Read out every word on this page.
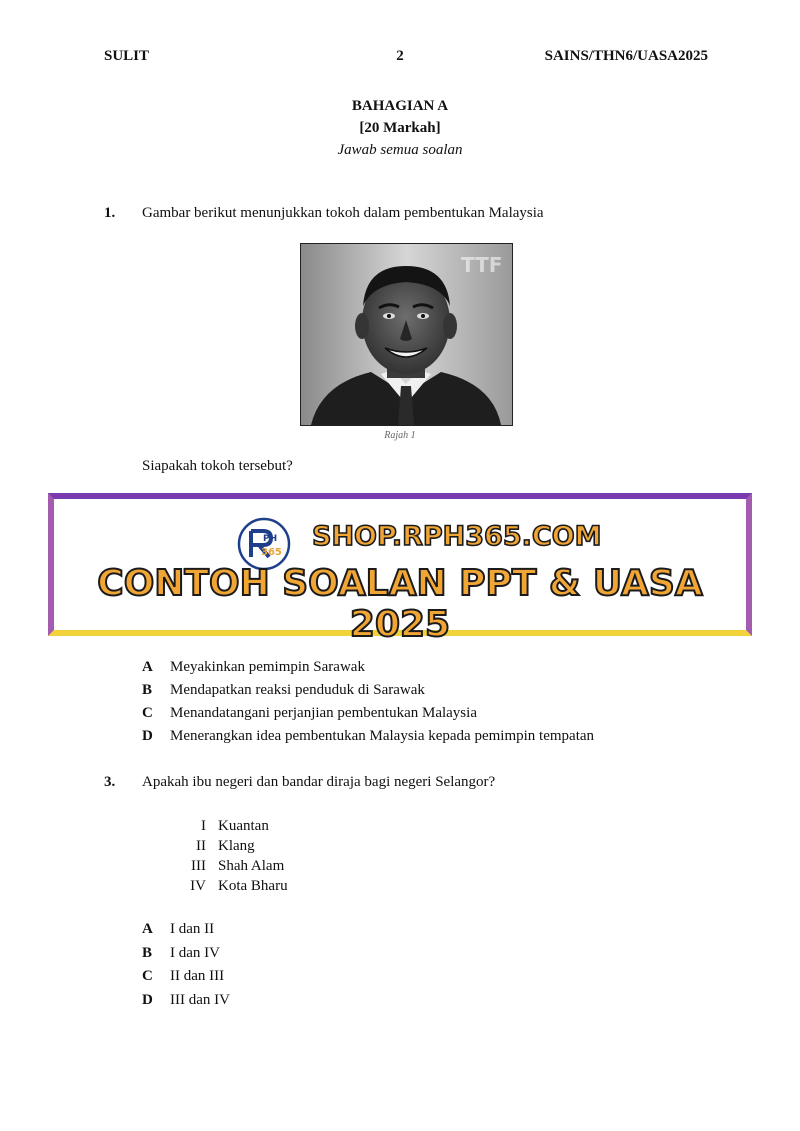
SULIT	2	SAINS/THN6/UASA2025
BAHAGIAN A
[20 Markah]
Jawab semua soalan
1. Gambar berikut menunjukkan tokoh dalam pembentukan Malaysia
TTF
Rajah 1
Siapakah tokoh tersebut?
PH
365
SHOP.RPH365.COM
CONTOH SOALAN PPT & UASA 2025
A Meyakinkan pemimpin Sarawak
B Mendapatkan reaksi penduduk di Sarawak
C Menandatangani perjanjian pembentukan Malaysia
D Menerangkan idea pembentukan Malaysia kepada pemimpin tempatan
3. Apakah ibu negeri dan bandar diraja bagi negeri Selangor?
I Kuantan
II Klang
III Shah Alam
IV Kota Bharu
A I dan II
B I dan IV
C II dan III
D III dan IV
